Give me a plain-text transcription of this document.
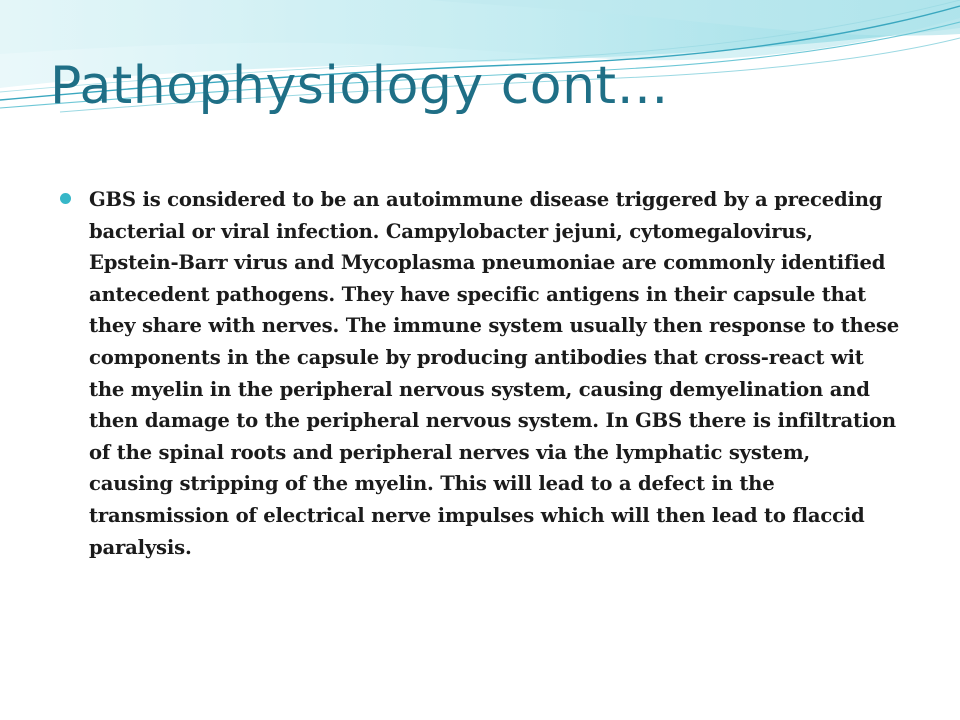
Pathophysiology cont…
GBS is considered to be an autoimmune disease triggered by a preceding bacterial or viral infection. Campylobacter jejuni, cytomegalovirus, Epstein-Barr virus and Mycoplasma pneumoniae are commonly identified antecedent pathogens. They have specific antigens in their capsule that they share with nerves. The immune system usually then response to these components in the capsule by producing antibodies that cross-react wit the myelin in the peripheral nervous system, causing demyelination and then damage to the peripheral nervous system. In GBS there is infiltration of the spinal roots and peripheral nerves via the lymphatic system, causing stripping of the myelin. This will lead to a defect in the transmission of electrical nerve impulses which will then lead to flaccid paralysis.
